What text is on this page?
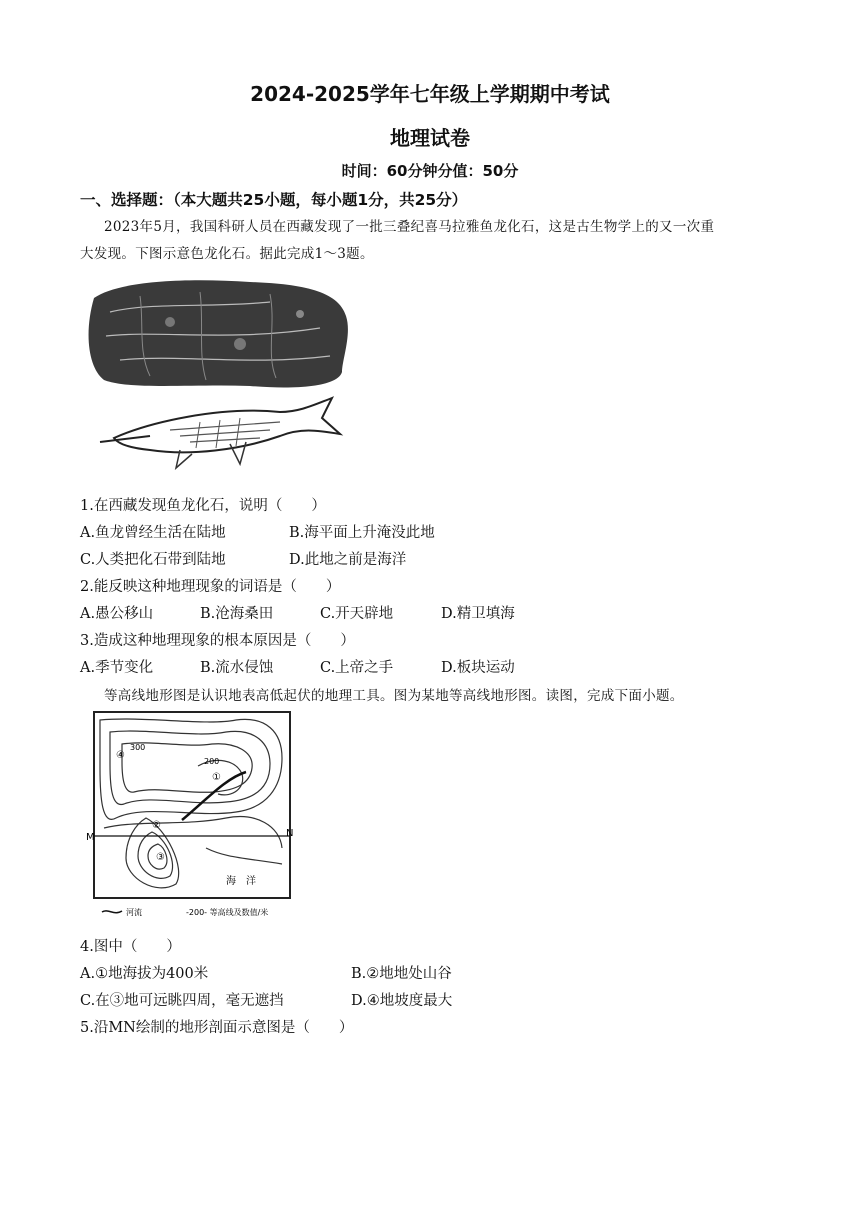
2024-2025学年七年级上学期期中考试
地理试卷
时间：60分钟分值：50分
一、选择题：（本大题共25小题，每小题1分，共25分）
2023年5月，我国科研人员在西藏发现了一批三叠纪喜马拉雅鱼龙化石，这是古生物学上的又一次重
大发现。下图示意色龙化石。据此完成1～3题。
1.在西藏发现鱼龙化石，说明（　　）
A.鱼龙曾经生活在陆地	B.海平面上升淹没此地
C.人类把化石带到陆地	D.此地之前是海洋
2.能反映这种地理现象的词语是（　　）
A.愚公移山	B.沧海桑田	C.开天辟地	D.精卫填海
3.造成这种地理现象的根本原因是（　　）
A.季节变化	B.流水侵蚀	C.上帝之手	D.板块运动
等高线地形图是认识地表高低起伏的地理工具。图为某地等高线地形图。读图，完成下面小题。
M	N
海　洋
④
①
②
③
300
200
河流	-200- 等高线及数值/米
4.图中（　　）
A.①地海拔为400米	B.②地地处山谷
C.在③地可远眺四周，毫无遮挡	D.④地坡度最大
5.沿MN绘制的地形剖面示意图是（　　）
